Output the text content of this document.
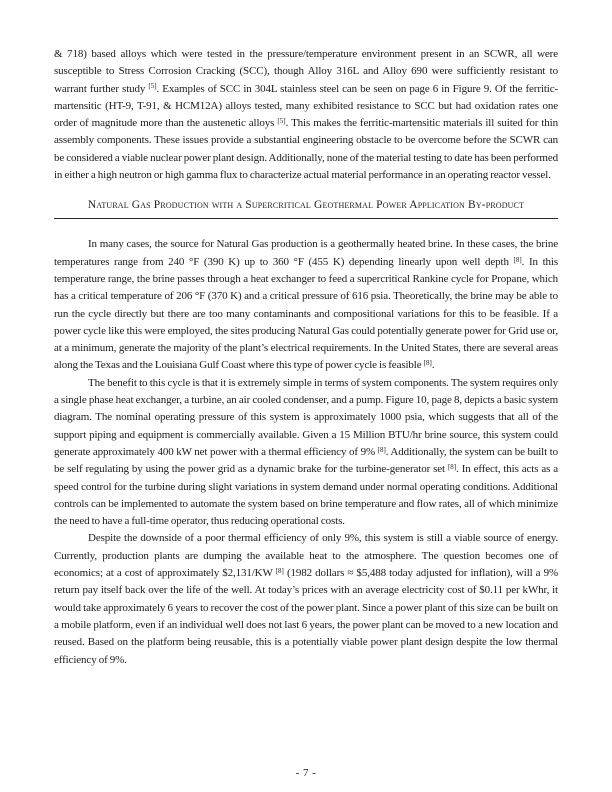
& 718) based alloys which were tested in the pressure/temperature environment present in an SCWR, all were susceptible to Stress Corrosion Cracking (SCC), though Alloy 316L and Alloy 690 were sufficiently resistant to warrant further study [5]. Examples of SCC in 304L stainless steel can be seen on page 6 in Figure 9. Of the ferritic-martensitic (HT-9, T-91, & HCM12A) alloys tested, many exhibited resistance to SCC but had oxidation rates one order of magnitude more than the austenetic alloys [5]. This makes the ferritic-martensitic materials ill suited for thin assembly components. These issues provide a substantial engineering obstacle to be overcome before the SCWR can be considered a viable nuclear power plant design. Additionally, none of the material testing to date has been performed in either a high neutron or high gamma flux to characterize actual material performance in an operating reactor vessel.

Natural Gas Production with a Supercritical Geothermal Power Application By-product

In many cases, the source for Natural Gas production is a geothermally heated brine. In these cases, the brine temperatures range from 240 °F (390 K) up to 360 °F (455 K) depending linearly upon well depth [8]. In this temperature range, the brine passes through a heat exchanger to feed a supercritical Rankine cycle for Propane, which has a critical temperature of 206 °F (370 K) and a critical pressure of 616 psia. Theoretically, the brine may be able to run the cycle directly but there are too many contaminants and compositional variations for this to be feasible. If a power cycle like this were employed, the sites producing Natural Gas could potentially generate power for Grid use or, at a minimum, generate the majority of the plant’s electrical requirements. In the United States, there are several areas along the Texas and the Louisiana Gulf Coast where this type of power cycle is feasible [8].

The benefit to this cycle is that it is extremely simple in terms of system components. The system requires only a single phase heat exchanger, a turbine, an air cooled condenser, and a pump. Figure 10, page 8, depicts a basic system diagram. The nominal operating pressure of this system is approximately 1000 psia, which suggests that all of the support piping and equipment is commercially available. Given a 15 Million BTU/hr brine source, this system could generate approximately 400 kW net power with a thermal efficiency of 9% [8]. Additionally, the system can be built to be self regulating by using the power grid as a dynamic brake for the turbine-generator set [8]. In effect, this acts as a speed control for the turbine during slight variations in system demand under normal operating conditions. Additional controls can be implemented to automate the system based on brine temperature and flow rates, all of which minimize the need to have a full-time operator, thus reducing operational costs.

Despite the downside of a poor thermal efficiency of only 9%, this system is still a viable source of energy. Currently, production plants are dumping the available heat to the atmosphere. The question becomes one of economics; at a cost of approximately $2,131/KW [8] (1982 dollars ≈ $5,488 today adjusted for inflation), will a 9% return pay itself back over the life of the well. At today’s prices with an average electricity cost of $0.11 per kWhr, it would take approximately 6 years to recover the cost of the power plant. Since a power plant of this size can be built on a mobile platform, even if an individual well does not last 6 years, the power plant can be moved to a new location and reused. Based on the platform being reusable, this is a potentially viable power plant design despite the low thermal efficiency of 9%.

- 7 -
